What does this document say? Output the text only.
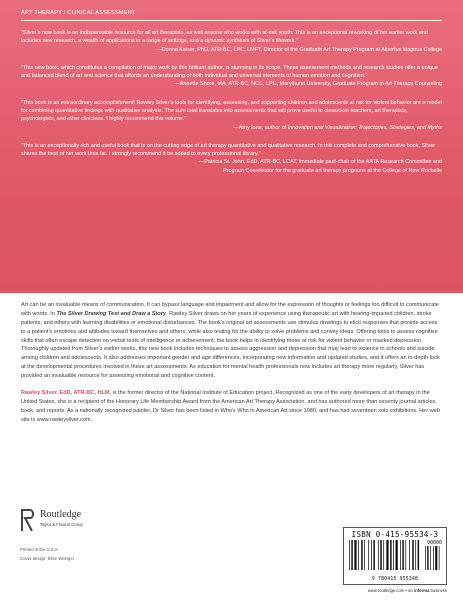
ART THERAPY / CLINICAL ASSESSMENT
“Silver’s new book is an indispensable resource for all art therapists, as well anyone who works with at-risk youth. This is an exceptional reworking of her earlier work and includes new research, a wealth of applications in a range of settings, and a dynamic synthesis of Silver’s lifework.”
—Donna Kaiser, PhD, ATR-BC, LPC, LMFT, Director of the Graduate Art Therapy Program at Albertus Magnus College
“This new book, which constitutes a compilation of major work by this brilliant author, is stunning in its scope. These assessment methods and research studies offer a unique and balanced blend of art and science that affords an understanding of both individual and universal elements of human emotion and cognition.”
—Annette Shore, MA, ATR-BC, NCC, LPC, Marylhurst University, Graduate Program in Art Therapy Counseling
“This book is an extraordinary accomplishment! Rawley Silver’s tools for identifying, assessing, and supporting children and adolescents at risk for violent behavior are a model for combining quantitative findings with qualitative analysis. The sum total translates into assessments that will prove useful to classroom teachers, art therapists, psychologists, and other clinicians. I highly recommend this volume.”
—Amy Ione, author of Innovation and Visualization: Trajectories, Strategies, and Myths
“This is an exceptionally rich and useful book that is on the cutting edge of art therapy quantitative and qualitative research. In this complete and comprehensive book, Silver shares the best of her work thus far. I strongly recommend it be added to every professional library.”
—Patricia St. John, EdD, ATR-BC, LCAT, immediate past-chair of the AATA Research Committee and
Program Coordinator for the graduate art therapy programs at the College of New Rochelle

Art can be an invaluable means of communication. It can bypass language and impairment and allow for the expression of thoughts or feelings too difficult to communicate with words. In The Silver Drawing Test and Draw a Story, Rawley Silver draws on her years of experience using therapeutic art with hearing-impaired children, stroke patients, and others with learning disabilities or emotional disturbances. The book’s original art assessments use stimulus drawings to elicit responses that provide access to a patient’s emotions and attitudes toward themselves and others, while also testing for the ability to solve problems and convey ideas. Offering tools to assess cognitive skills that often escape detection on verbal tests of intelligence or achievement, the book helps in identifying those at risk for violent behavior or masked depression. Thoroughly updated from Silver’s earlier works, this new book includes techniques to assess aggression and depression that may lead to violence in schools and suicide among children and adolescents. It also addresses important gender and age differences, incorporating new information and updated studies, and it offers an in-depth look at the developmental procedures involved in these art assessments. As education for mental health professionals now includes art therapy more regularly, Silver has provided an invaluable resource for assessing emotional and cognitive content.

Rawley Silver, EdD, ATR-BC, HLM, is the former director of the National Institute of Education project. Recognized as one of the early developers of art therapy in the United States, she is a recipient of the Honorary Life Membership Award from the American Art Therapy Association, and has authored more than seventy journal articles, book, and reports. As a nationally recognized painter, Dr Silver has been listed in Who’s Who in American Art since 1980, and has had seventeen solo exhibitions. Her web site is www.rawleysilver.com.

Routledge
Taylor & Francis Group
Printed in the U.S.A.
Cover design: Elise Weinger
ISBN 0-415-95534-3
90000
9 780415 955348
www.routledge.com • an informa business
